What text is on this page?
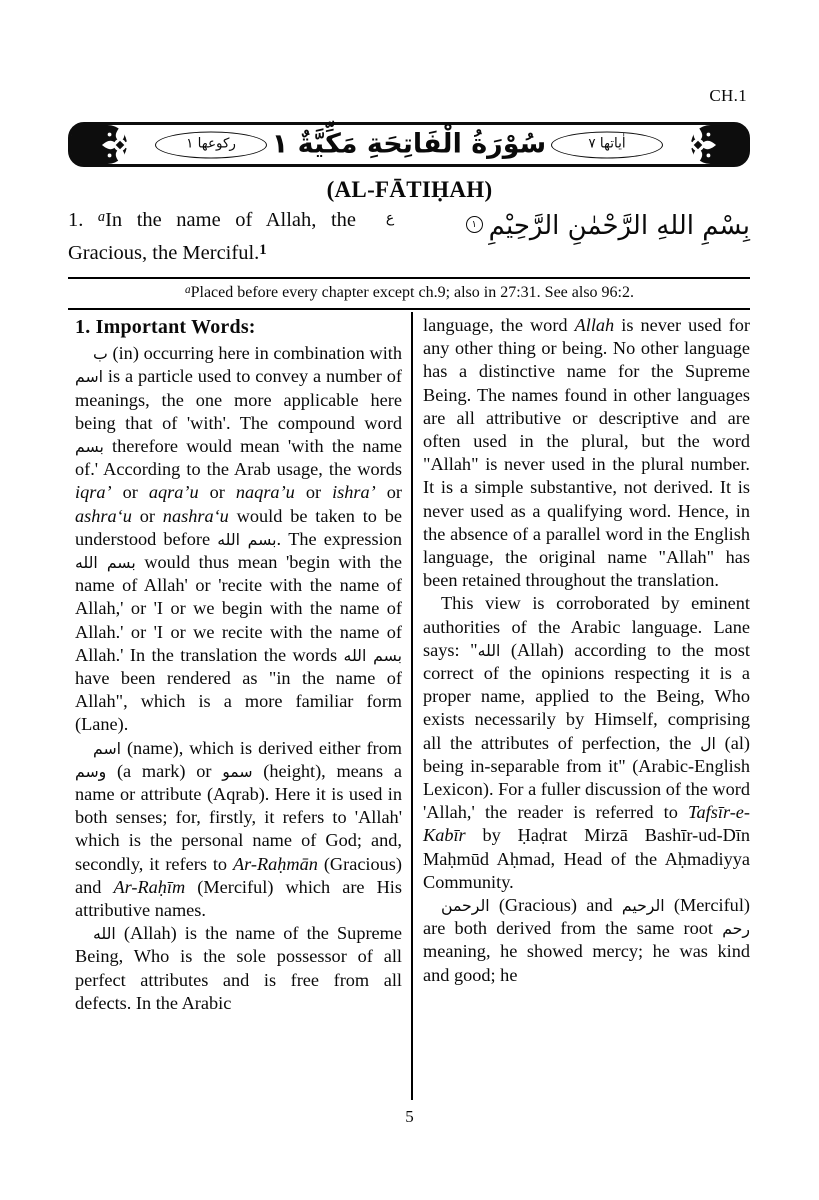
CH.1
ركوعها ١	اٰياتها ٧
سُوْرَةُ الْفَاتِحَةِ مَكِّيَّةٌ ١
(AL-FĀTIḤAH)
1. $^a$In the name of Allah, the
Gracious, the Merciful.$^1$
ع	بِسْمِ اللهِ الرَّحْمٰنِ الرَّحِيْمِ١
$^a$Placed before every chapter except ch.9; also in 27:31. See also 96:2.
1. Important Words:

ب (in) occurring here in combination with اسم is a particle used to convey a number of meanings, the one more applicable here being that of 'with'. The compound word بسم therefore would mean 'with the name of.' According to the Arab usage, the words iqra’ or aqra’u or naqra’u or ishra’ or ashra‘u or nashra‘u would be taken to be understood before بسم الله. The expression بسم الله would thus mean 'begin with the name of Allah' or 'recite with the name of Allah,' or 'I or we begin with the name of Allah.' or 'I or we recite with the name of Allah.' In the translation the words بسم الله have been rendered as "in the name of Allah", which is a more familiar form (Lane).

اسم (name), which is derived either from وسم (a mark) or سمو (height), means a name or attribute (Aqrab). Here it is used in both senses; for, firstly, it refers to 'Allah' which is the personal name of God; and, secondly, it refers to Ar-Raḥmān (Gracious) and Ar-Raḥīm (Merciful) which are His attributive names.

الله (Allah) is the name of the Supreme Being, Who is the sole possessor of all perfect attributes and is free from all defects. In the Arabic

language, the word Allah is never used for any other thing or being. No other language has a distinctive name for the Supreme Being. The names found in other languages are all attributive or descriptive and are often used in the plural, but the word "Allah" is never used in the plural number. It is a simple substantive, not derived. It is never used as a qualifying word. Hence, in the absence of a parallel word in the English language, the original name "Allah" has been retained throughout the translation.

This view is corroborated by eminent authorities of the Arabic language. Lane says: "الله (Allah) according to the most correct of the opinions respecting it is a proper name, applied to the Being, Who exists necessarily by Himself, comprising all the attributes of perfection, the ال (al) being in-separable from it" (Arabic-English Lexicon). For a fuller discussion of the word 'Allah,' the reader is referred to Tafsīr-e-Kabīr by Ḥaḍrat Mirzā Bashīr-ud-Dīn Maḥmūd Aḥmad, Head of the Aḥmadiyya Community.

الرحمن (Gracious) and الرحيم (Merciful) are both derived from the same root رحم meaning, he showed mercy; he was kind and good; he

5
